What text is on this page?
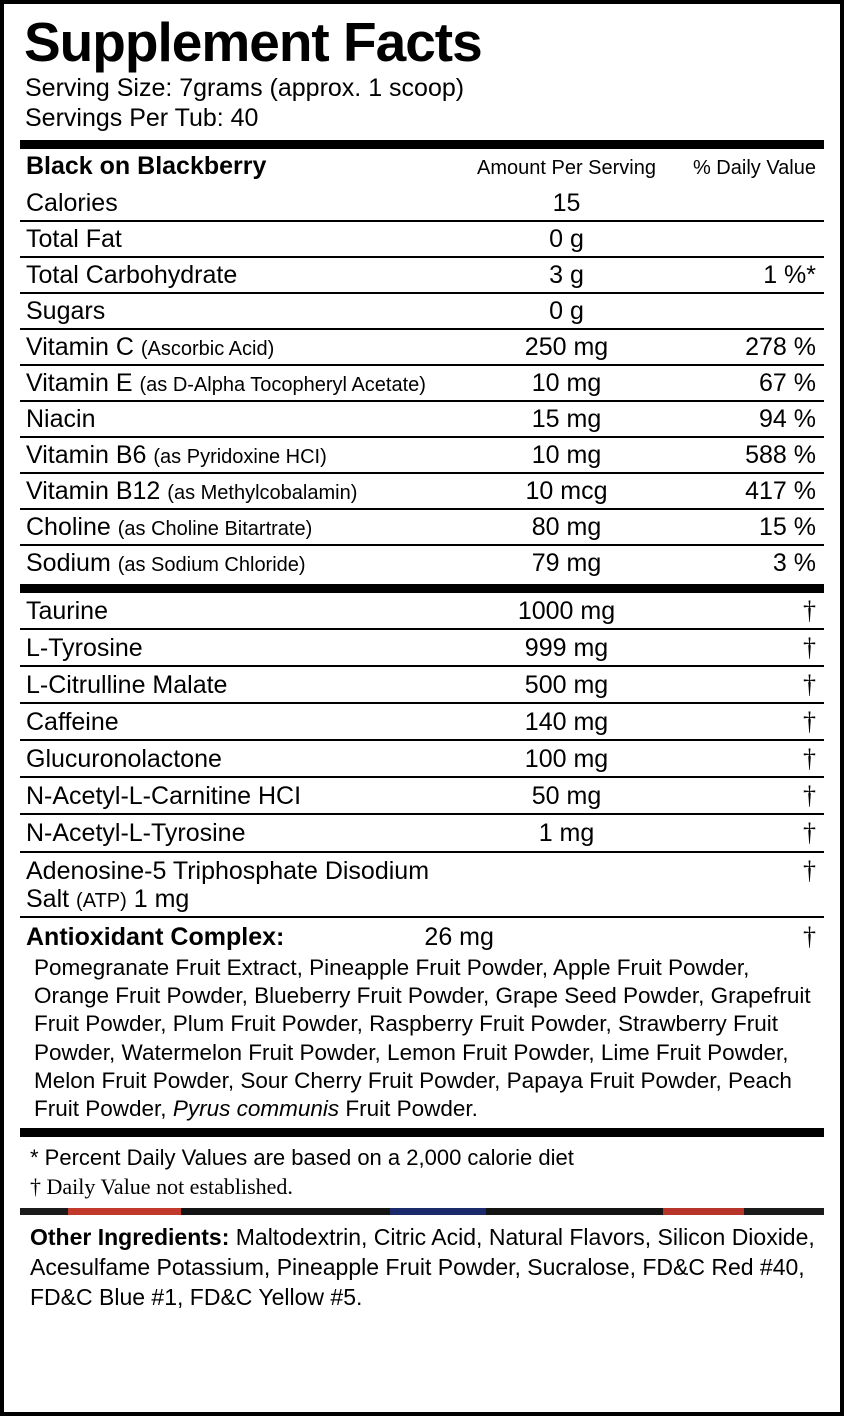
Supplement Facts
Serving Size: 7grams (approx. 1 scoop)
Servings Per Tub: 40
Black on Blackberry	Amount Per Serving	% Daily Value
Calories	15	
Total Fat	0 g	
Total Carbohydrate	3 g	1 %*
Sugars	0 g	
Vitamin C (Ascorbic Acid)	250 mg	278 %
Vitamin E (as D-Alpha Tocopheryl Acetate)	10 mg	67 %
Niacin	15 mg	94 %
Vitamin B6 (as Pyridoxine HCI)	10 mg	588 %
Vitamin B12 (as Methylcobalamin)	10 mcg	417 %
Choline (as Choline Bitartrate)	80 mg	15 %
Sodium (as Sodium Chloride)	79 mg	3 %
Taurine	1000 mg	†
L-Tyrosine	999 mg	†
L-Citrulline Malate	500 mg	†
Caffeine	140 mg	†
Glucuronolactone	100 mg	†
N-Acetyl-L-Carnitine HCI	50 mg	†
N-Acetyl-L-Tyrosine	1 mg	†
Adenosine-5 Triphosphate Disodium Salt (ATP) 1 mg		†
Antioxidant Complex:	26 mg	†
Pomegranate Fruit Extract, Pineapple Fruit Powder, Apple Fruit Powder, Orange Fruit Powder, Blueberry Fruit Powder, Grape Seed Powder, Grapefruit Fruit Powder, Plum Fruit Powder, Raspberry Fruit Powder, Strawberry Fruit Powder, Watermelon Fruit Powder, Lemon Fruit Powder, Lime Fruit Powder, Melon Fruit Powder, Sour Cherry Fruit Powder, Papaya Fruit Powder, Peach Fruit Powder, Pyrus communis Fruit Powder.
* Percent Daily Values are based on a 2,000 calorie diet
† Daily Value not established.
Other Ingredients: Maltodextrin, Citric Acid, Natural Flavors, Silicon Dioxide, Acesulfame Potassium, Pineapple Fruit Powder, Sucralose, FD&C Red #40, FD&C Blue #1, FD&C Yellow #5.
